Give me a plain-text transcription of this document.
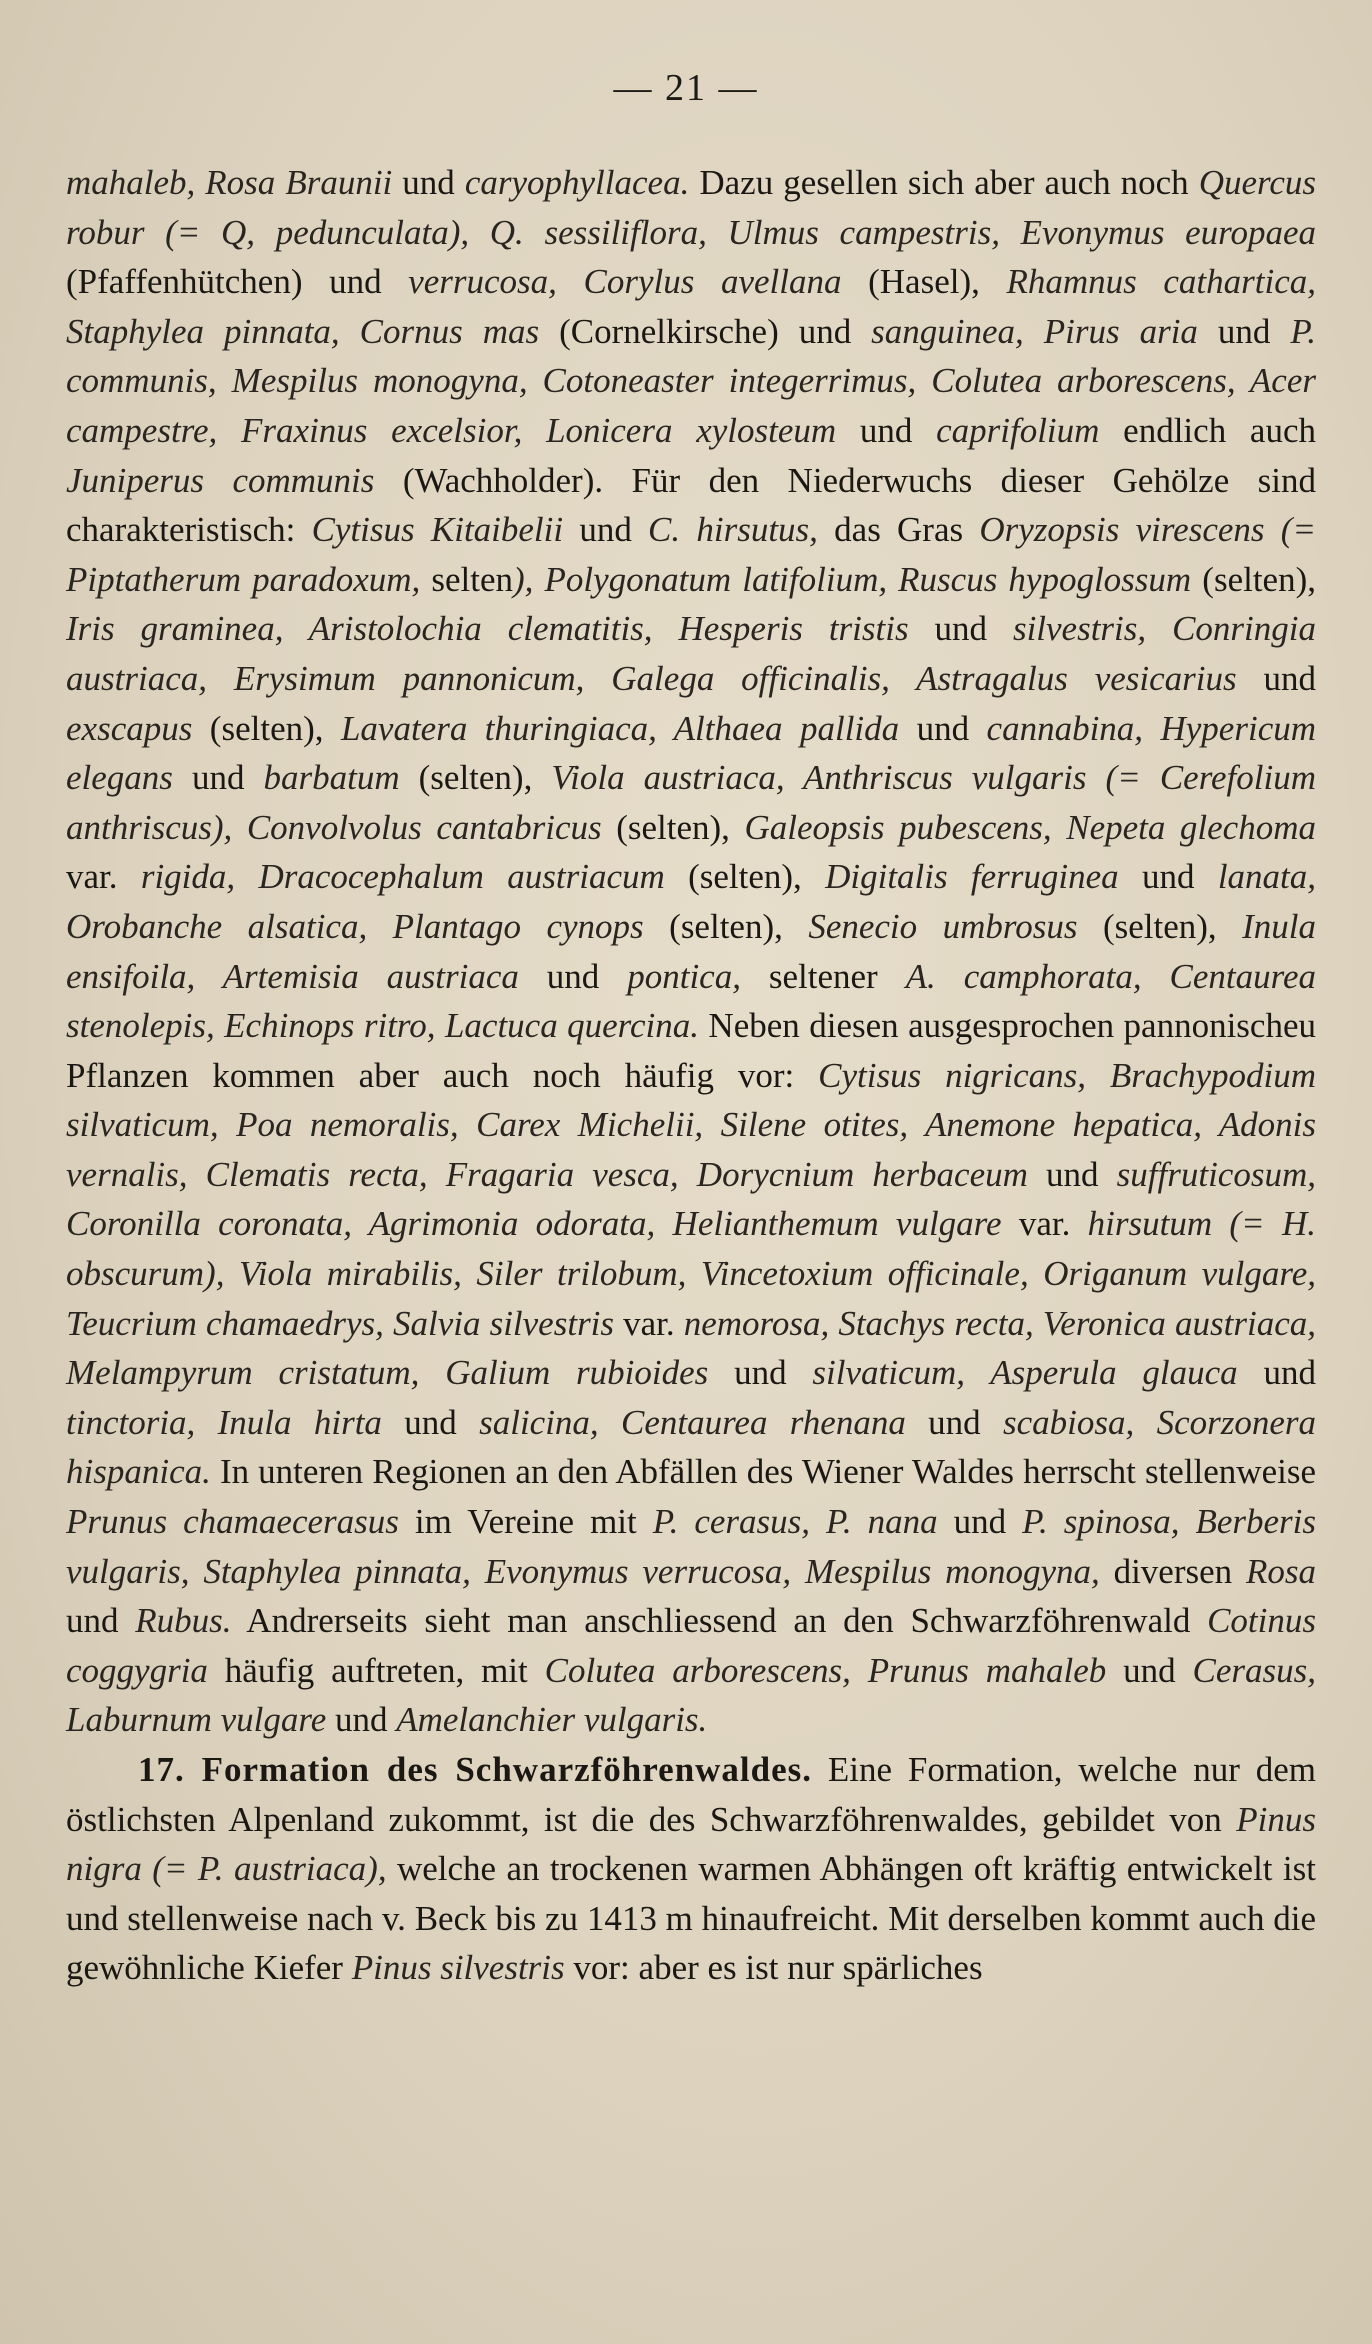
— 21 —

mahaleb, Rosa Braunii und caryophyllacea. Dazu gesellen sich aber auch noch Quercus robur (= Q, pedunculata), Q. sessiliflora, Ulmus campestris, Evonymus europaea (Pfaffenhütchen) und verrucosa, Corylus avellana (Hasel), Rhamnus cathartica, Staphylea pinnata, Cornus mas (Cornelkirsche) und sanguinea, Pirus aria und P. communis, Mespilus monogyna, Cotoneaster integerrimus, Colutea arborescens, Acer campestre, Fraxinus excelsior, Lonicera xylosteum und caprifolium endlich auch Juniperus communis (Wachholder). Für den Niederwuchs dieser Gehölze sind charakteristisch: Cytisus Kitaibelii und C. hirsutus, das Gras Oryzopsis virescens (= Piptatherum paradoxum, selten), Polygonatum latifolium, Ruscus hypoglossum (selten), Iris graminea, Aristolochia clematitis, Hesperis tristis und silvestris, Conringia austriaca, Erysimum pannonicum, Galega officinalis, Astragalus vesicarius und exscapus (selten), Lavatera thuringiaca, Althaea pallida und cannabina, Hypericum elegans und barbatum (selten), Viola austriaca, Anthriscus vulgaris (= Cerefolium anthriscus), Convolvolus cantabricus (selten), Galeopsis pubescens, Nepeta glechoma var. rigida, Dracocephalum austriacum (selten), Digitalis ferruginea und lanata, Orobanche alsatica, Plantago cynops (selten), Senecio umbrosus (selten), Inula ensifoila, Artemisia austriaca und pontica, seltener A. camphorata, Centaurea stenolepis, Echinops ritro, Lactuca quercina. Neben diesen ausgesprochen pannonischeu Pflanzen kommen aber auch noch häufig vor: Cytisus nigricans, Brachypodium silvaticum, Poa nemoralis, Carex Michelii, Silene otites, Anemone hepatica, Adonis vernalis, Clematis recta, Fragaria vesca, Dorycnium herbaceum und suffruticosum, Coronilla coronata, Agrimonia odorata, Helianthemum vulgare var. hirsutum (= H. obscurum), Viola mirabilis, Siler trilobum, Vincetoxium officinale, Origanum vulgare, Teucrium chamaedrys, Salvia silvestris var. nemorosa, Stachys recta, Veronica austriaca, Melampyrum cristatum, Galium rubioides und silvaticum, Asperula glauca und tinctoria, Inula hirta und salicina, Centaurea rhenana und scabiosa, Scorzonera hispanica. In unteren Regionen an den Abfällen des Wiener Waldes herrscht stellenweise Prunus chamaecerasus im Vereine mit P. cerasus, P. nana und P. spinosa, Berberis vulgaris, Staphylea pinnata, Evonymus verrucosa, Mespilus monogyna, diversen Rosa und Rubus. Andrerseits sieht man anschliessend an den Schwarzföhrenwald Cotinus coggygria häufig auftreten, mit Colutea arborescens, Prunus mahaleb und Cerasus, Laburnum vulgare und Amelanchier vulgaris.

17. Formation des Schwarzföhrenwaldes. Eine Formation, welche nur dem östlichsten Alpenland zukommt, ist die des Schwarzföhrenwaldes, gebildet von Pinus nigra (= P. austriaca), welche an trockenen warmen Abhängen oft kräftig entwickelt ist und stellenweise nach v. Beck bis zu 1413 m hinaufreicht. Mit derselben kommt auch die gewöhnliche Kiefer Pinus silvestris vor: aber es ist nur spärliches
